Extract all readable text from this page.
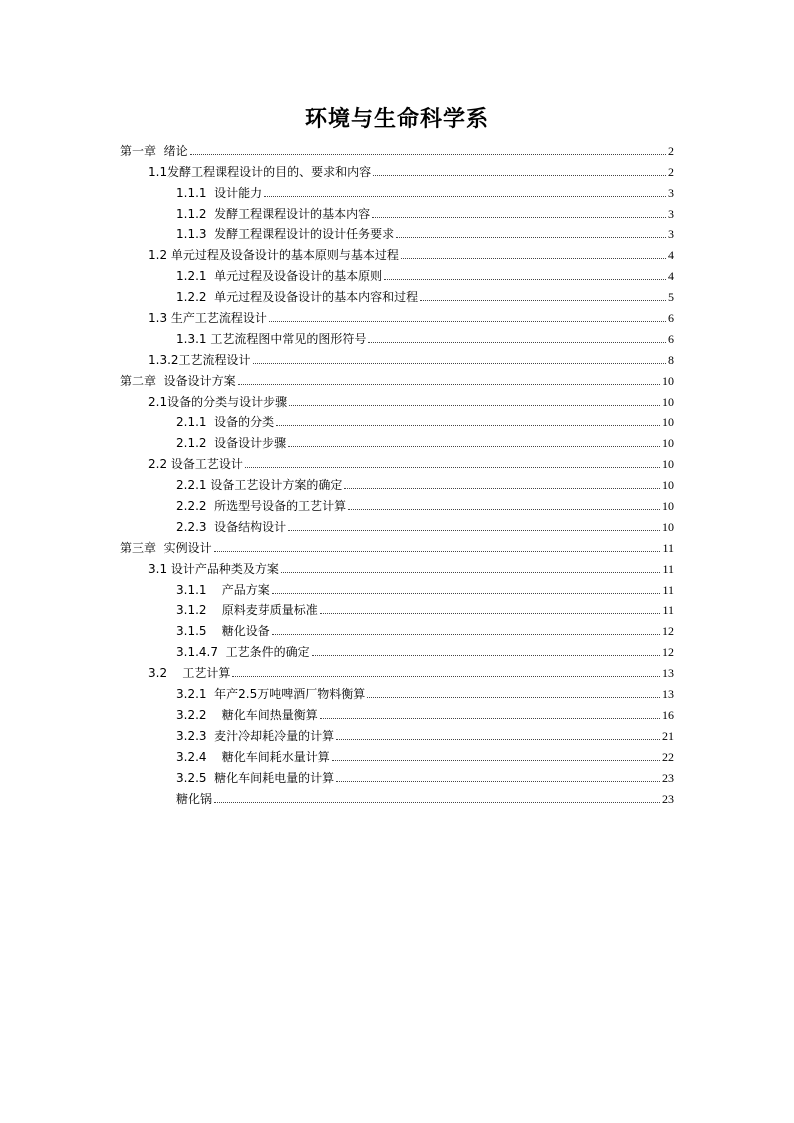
环境与生命科学系
第一章  绪论	2
1.1发酵工程课程设计的目的、要求和内容	2
1.1.1  设计能力	3
1.1.2  发酵工程课程设计的基本内容	3
1.1.3  发酵工程课程设计的设计任务要求	3
1.2 单元过程及设备设计的基本原则与基本过程	4
1.2.1  单元过程及设备设计的基本原则	4
1.2.2  单元过程及设备设计的基本内容和过程	5
1.3 生产工艺流程设计	6
1.3.1 工艺流程图中常见的图形符号	6
1.3.2工艺流程设计	8
第二章  设备设计方案	10
2.1设备的分类与设计步骤	10
2.1.1  设备的分类	10
2.1.2  设备设计步骤	10
2.2 设备工艺设计	10
2.2.1 设备工艺设计方案的确定	10
2.2.2  所选型号设备的工艺计算	10
2.2.3  设备结构设计	10
第三章  实例设计	11
3.1 设计产品种类及方案	11
3.1.1    产品方案	11
3.1.2    原料麦芽质量标准	11
3.1.5    糖化设备	12
3.1.4.7  工艺条件的确定	12
3.2    工艺计算	13
3.2.1  年产2.5万吨啤酒厂物料衡算	13
3.2.2    糖化车间热量衡算	16
3.2.3  麦汁冷却耗冷量的计算	21
3.2.4    糖化车间耗水量计算	22
3.2.5  糖化车间耗电量的计算	23
糖化锅	23
